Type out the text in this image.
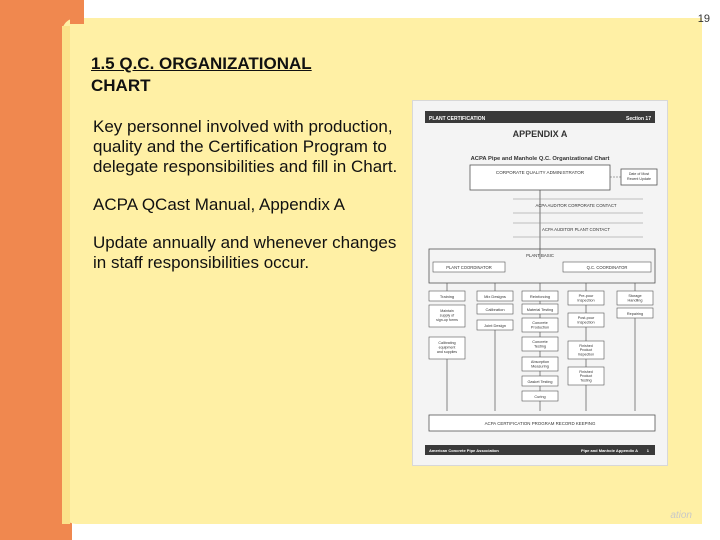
19
1.5 Q.C. ORGANIZATIONAL
CHART

Key personnel involved with production, quality and the Certification Program to delegate responsibilities and fill in Chart.

ACPA QCast Manual, Appendix A

Update annually and whenever changes in staff responsibilities occur.

PLANT CERTIFICATION	Section 17
APPENDIX A
ACPA Pipe and Manhole Q.C. Organizational Chart
CORPORATE QUALITY ADMINISTRATOR	Date of Most Recent Update
ACPA AUDITOR CORPORATE CONTACT
ACPA AUDITOR PLANT CONTACT
PLANT BASIC
PLANT COORDINATOR	Q.C. COORDINATOR
Training
Maintain supply of sign-up forms
Calibrating equipment and supplies
Mix Designs
Calibration
Joint Design
Reinforcing
Material Testing
Concrete Production
Concrete Testing
Absorption Measuring
Gasket Testing
Curing
Pre-pour Inspection
Post-pour Inspection
Finished Product Inspection
Finished Product Testing
Storage Handling
Repairing
ACPA CERTIFICATION PROGRAM RECORD KEEPING
American Concrete Pipe Association	Pipe and Manhole Appendix A 1
ation
